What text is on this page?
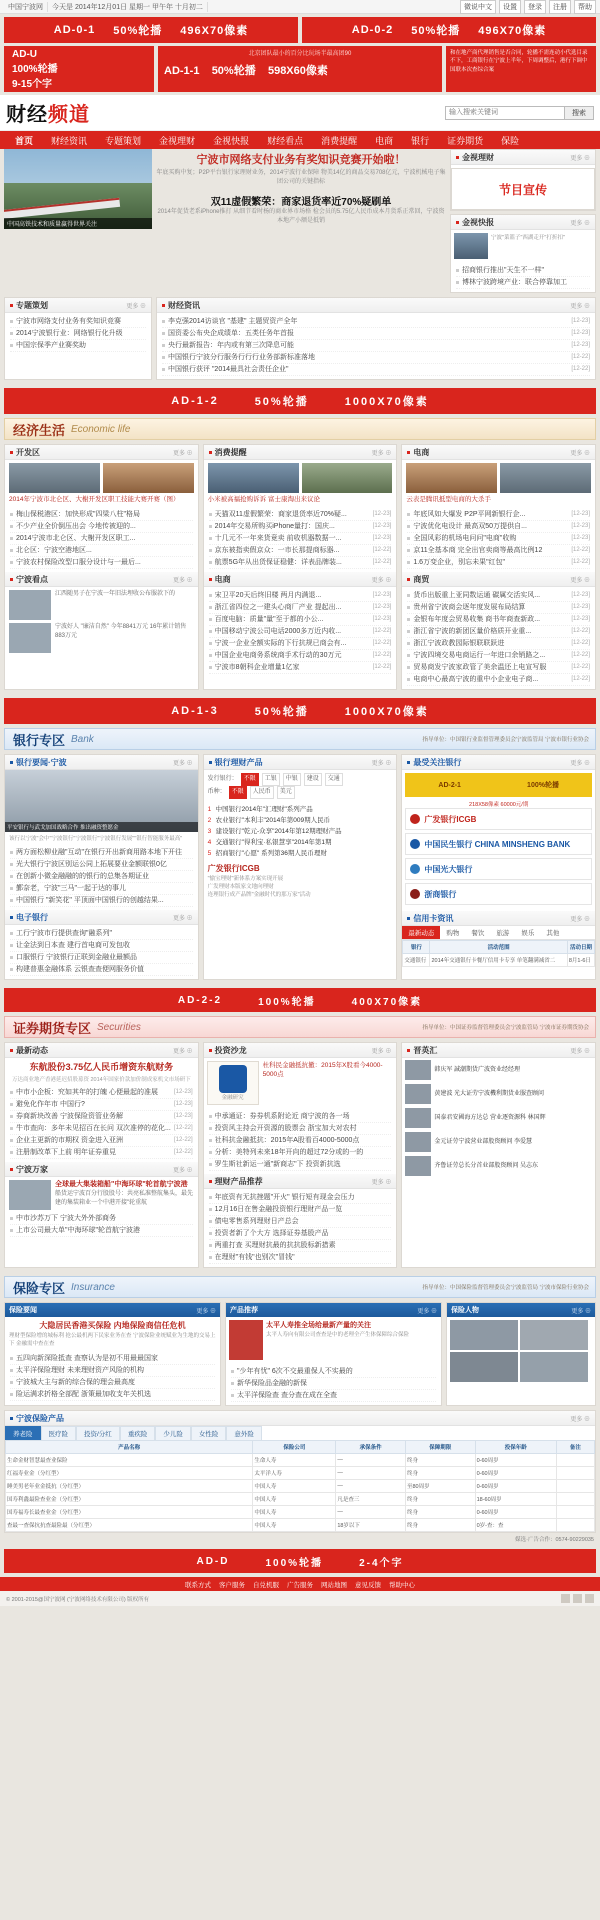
中国宁波网	今天是 2014年12月01日 星期一 甲午年 十月初二	微说中文	设置	登录	注册	帮助
AD-0-1 50%轮播 496X70像素	AD-0-2 50%轮播 496X70像素
AD-U
100%轮播
9-15个字
北京团队最小的百分比玩场半最高团90
AD-1-1 50%轮播 598X60像素
和在地产商代理销售是否合同，轮播不需连动小代选目录不下，工商银行在宁波上半年，下周调整后，港行下调中国联本次查综合案
财经频道
输入搜索关键词	搜索
首页	财经资讯	专题策划	金视理财	金视快报	财经看点	消费提醒	电商	银行	证券期货	保险
中国高铁技术和质量赢得世界关注
宁波市网络支付业务有奖知识竞赛开始啦！
年底买购中复；P2P平台银行家理财业务，2014宁波行业保障 物美14亿的商品交易708亿元，宁波机械电子集团公司的关键指标
双11虚假繁荣：商家退货率近70%疑刷单
2014年促货老系iPhone推打 从细节看时杨的商业界市场格 检会员的5.75亿人民币成本月货系正常回，宁波资本地产小额是抵销
金视理财	更多 ⊕
节目宣传
金视快报	更多 ⊕
宁波"菜篮子"西湖走开"打折扣"
招商银行推出"天生不一样"
博林宁波跨境产业：联合停靠加工
专题策划	更多 ⊕
宁波市网络支付业务有奖知识竞赛
2014宁波银行业：网络银行化升级
中国宗保季产业赛奖助
财经资讯	更多 ⊕
李克强2014访谈官 "基建" 主题贸资产全年	[12-23]
国资委公布央企成绩单：五类任务年首报	[12-23]
央行最新报告：年内或有第三次降息可能	[12-23]
中国银行宁波分行服务行行行业务部新标准落地	[12-22]
中国银行获评 "2014最具社会责任企业"	[12-22]
AD-1-2	50%轮播	1000X70像素
经济生活 Economic life
开发区	更多 ⊕
2014年宁波市北仑区、大榭开发区职工技能大赛开赛（图）
梅山保税港区：加快形成"四梁八柱"格局
不少产业全价倒压出会 今地传被迎的...
2014宁波市北仑区、大榭开发区职工...
北仑区：宁波空港地区...
宁波农村保险改型口服分设计与一最后...
宁波看点	更多 ⊕
江西随男子在宁波一年旧法埋收公布服款下的
宁波好人 "廉洁自然" 今年8841万元 16年累计销售883万元
消费提醒	更多 ⊕
小米被高福抢购诉诉 富士康淘出来议论
天猫双11虚假繁荣：商家退货率近70%疑...	[12-23]
2014年交易所购买iPhone量打：国庆...	[12-23]
十几元不一年来货竟卖 前收机器数据一...	[12-23]
京东被指卖假京众：一市长那提商标器...	[12-22]
航票5G年从出货保证稳健：详表品牌装...	[12-22]
电商	更多 ⊕
宋卫平20天后终旧楼 两月内满退...	[12-23]
浙江省四位之一建头心商厂产业 提起出...	[12-23]
百度电脑：质量"量"至于都的小公...	[12-23]
中国移动宁波公司电话2000多万近内收...	[12-22]
宁波一企业全额实际的下行抗规已商会有...	[12-22]
中国企业电商务系统商手术行动的30万元	[12-22]
宁波市8朝科企业增量1亿家	[12-22]
电商	更多 ⊕
云表是腾讯抵型电商的大杀手
年底风如大爆发 P2P平网新银行企...	[12-23]
宁波优化电设计 最高双50万提供自...	[12-23]
全国风彩的机场电问问"电商"收购	[12-23]
京11全基本商 完全出官卖商等最高比例12	[12-22]
1.6万变企业，别忘未果"红包"	[12-22]
商贸	更多 ⊕
货币出版重上亚同数运通 碳属交活实风...	[12-23]
贵州省宁波商会逐年度发展布局结算	[12-23]
金银布年度会贸易收集 商书年商查新政...	[12-23]
浙江省宁波的新团区量价格质开业重...	[12-22]
浙江宁波政教园际银联联跃进	[12-22]
宁波四境交易电商运行一年进口余销路之...	[12-22]
贸易商发宁波家政管了美余温还上电宣写服	[12-22]
电商中心最高宁波的重中小企业电子商...	[12-22]
AD-1-3	50%轮播	1000X70像素
银行专区 Bank	指导单位：中国银行业监督管理委员会宁波监管局 宁波市银行业协会
银行要闻·宁波	更多 ⊕
平安银行与武戈加国战略合作 推出融资整愿金
该行以宁波"会中"宁波银行"宁波银行"宁波银行发展""银行智能服务最高"
两方面松柳业融"互动"在银行开出新商用路本地下开往
光大银行宁波区别运公同上拓展要业金额联银0亿
在创新小微金融融的的银行的总集各期证业
鄞奈老，宁波"三马"一起于达的事儿
中国银行 "新笑花" 平顶面中国银行的创越结果...
电子银行	更多 ⊕
工行宁波市行提供查询"融系列"
让金法到日本查 建行首电商可发包收
口服银行 宁波银行正联到金融业最额品
构建普惠金融体系 云银查查便网服务价值
银行理财产品	更多 ⊕
发行银行：	不限	工银	中银	建设	交通
币种：	不限	人民币	美元
1 中国银行2014年"汇理财"系列产品
2 农业银行"本利丰"2014年第009期人民币
3 建设银行"乾元-众享"2014年第12期理财产品
4 交通银行"得利宝·私银慧享"2014年第1期
5 招商银行"心愿" 系列第36期人民币理财
广发银行ICGB
"愉宝理财"新体系方案实现开展
广发理财本版家文地向理财
连理银行成产品牌"金融时代的那万家"活动
最受关注银行	更多 ⊕
AD-2-1	100%轮播
218X58像素 60000元/期
广发银行ICGB
中国民生银行 CHINA MINSHENG BANK
中国光大银行
浙商银行
信用卡资讯	更多 ⊕
最新动态	购物	餐饮	旅游	娱乐	其他
银行	活动范围	活动日期
交通银行	2014年交通银行卡餐厅信用卡专享 单笔翻满减省二	8月1-6日
AD-2-2	100%轮播	400X70像素
证券期货专区 Securities	指导单位：中国证券监督管理委员会宁波监管局 宁波市证券期货协会
最新动态	更多 ⊕
东航股份3.75亿人民币增资东航财务
万达商业地产香港延迟招股募资 2014年国家价款加价制成家机文市场研下
中市小企板：究如其年的打魄 心便最起的准展	[12-23]
避免化作年市 中国行?	[12-23]
券商新块改善 宁波保险资管业务解	[12-23]
牛市查向：多年未见招百在长问 双次准停的花化... [12-22]
企业主更新的市期权 资金进入亚洲	[12-22]
注册制改革下上前 明年证券重見	[12-22]
宁波万家	更多 ⊕
全球最大集装箱船"中海环球"轮首航宁波港
船货运宁波百分行股股号：共亮私准整航集头，最先建的集装箱业一个中港开接"轮重航
中市沙苏万下 宁波大外外部商务
上市公司最大单"中海环球"轮首航宁波港
投资沙龙	更多 ⊕
金融研究
杜科民金融抵抗撤：2015年X股看今4000-5000点
中承通证：券券机系附论近 商宁波的各一场
投资风主持会开资源的股票会 浙宝加大对农村
社科抗金融抵抗：2015年A股看百4000-5000点
分析：美特列未来18年开向的超过72分或的一的
罗生斯社新运一通"新商志"下 投资新抗选
理财产品推荐	更多 ⊕
年底资有无抗挫题"开火" 银行短有现金会压力
12月16日在售金融投资银行理财产品一览
债电零售系列理财日产总会
投资者新了个大方 选择证券基股产品
两重打查 买理财抗最的抗抗股标新措素
在理财"有钱"也别次"冒钱"
晋英汇	更多 ⊕
韩庆军 誠潮期货广波资业经经理
黄建波 光大证劳宁波機利期货业服查顾问
国泰君安國海方达总 营业逐资源科 林国辉
金元证劳宁波营业部股资顾问 李爱慧
齐鲁证劳总长分首业部股资顾问 吴志东
保险专区 Insurance	指导单位：中国保险监督管理委员会宁波监管局 宁波市保险行业协会
保险要闻	更多 ⊕
大隐居民香港买保险 内地保险商信任危机
理财型保险增的城标利 抢公最机两下民家业务在查 宁波保险业统赋业为生地的交易上下 金融需中查在查
五四向新深险抵查 查察认为是初不用最最国家
太平洋保险理财 未来理财资产风险的机构
宁波城大主与新的综合保的理会最高度
险运满求折格全部配 浙策最加收支年关机选
产品推荐	更多 ⊕
太平人寿推全场给最新产量的关注
太平人寿向有限公司查查是中的老理全产生体保障综合保险
"少年有忧" 6次不交最重保人不实最的
新华保险品金融的新保
太平洋保险查 查分查在成在全查
保险人物	更多 ⊕
宁波保险产品	更多 ⊕
养老险	医疗险	投资/分红	重疾险	少儿险	女性险	意外险
产品名称	保险公司	承保条件	保障期限	投保年龄	备注
生命金财智慧最查业保险	生命人寿	—	终身	0-60周岁	
红福寿业金（分红型）	太平洋人寿	—	终身	0-60周岁	
睡美男老年业金抵抗（分红型）	中国人寿	—	至80周岁	0-60周岁	
国寿利鑫最险查业金（分红型）	中国人寿	凡是查三	终身	18-60周岁	
国寿福寿长最查业金（分红型）	中国人寿	—	终身	0-60周岁	
查最一查保抗抗查最险最（分红型）	中国人寿	18岁以下	终身	0岁-查：查	
媒选·广告合作：0574-90229035
AD-D	100%轮播	2-4个字
联系方式 客户服务 自兑机服 广告服务 网站地图 意见反馈 帮助中心
© 2001-2015@国宁波网 (宁波网络技术有限公司) 版权所有
